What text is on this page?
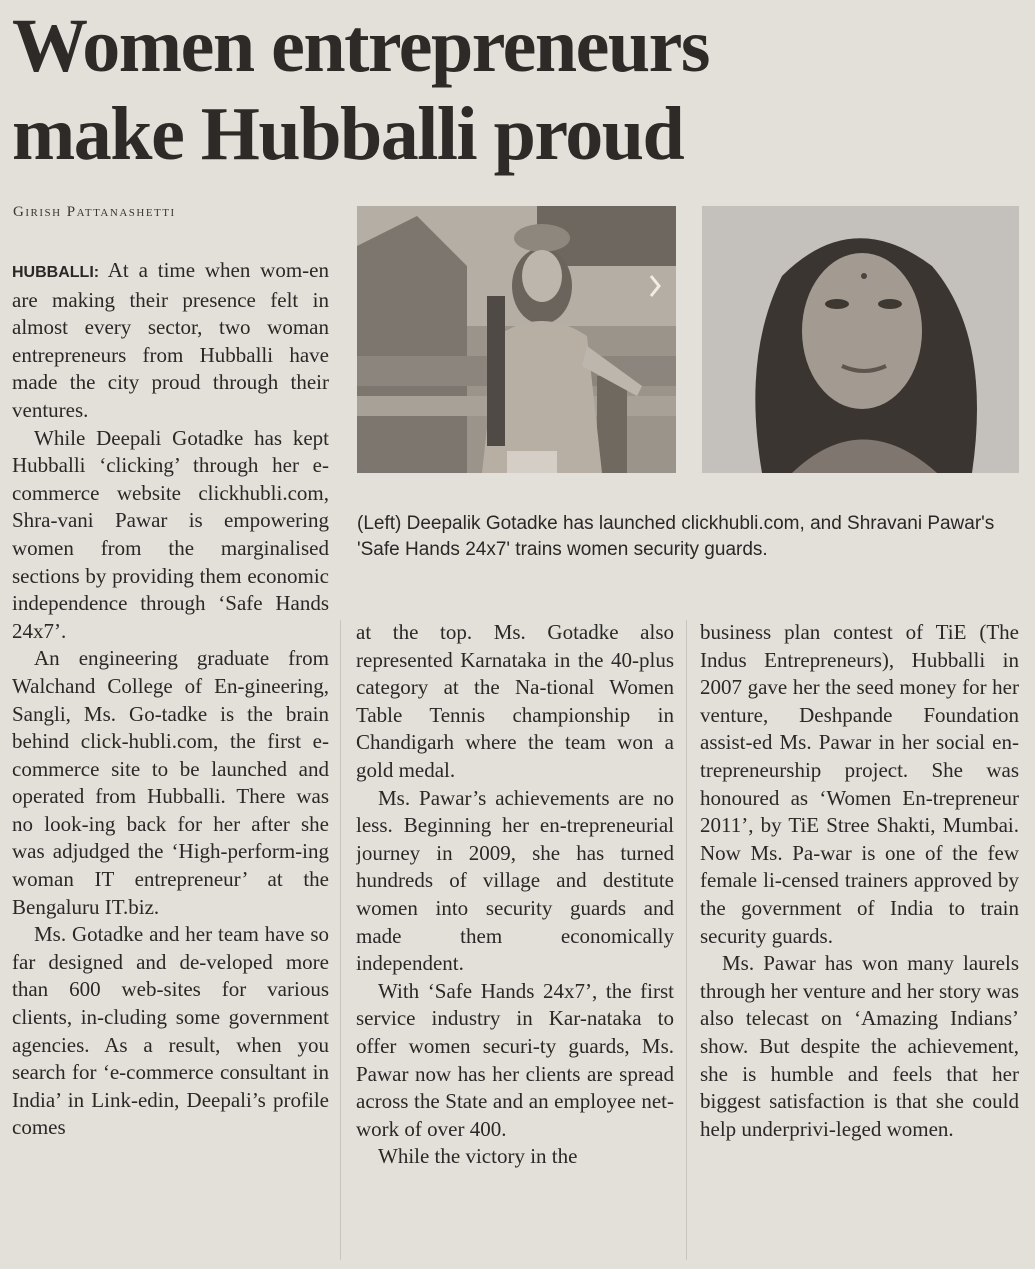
Women entrepreneurs
make Hubballi proud
Girish Pattanashetti

HUBBALLI: At a time when wom-en are making their presence felt in almost every sector, two woman entrepreneurs from Hubballi have made the city proud through their ventures.

While Deepali Gotadke has kept Hubballi ‘clicking’ through her e-commerce website clickhubli.com, Shra-vani Pawar is empowering women from the marginalised sections by providing them economic independence through ‘Safe Hands 24x7’.

An engineering graduate from Walchand College of En-gineering, Sangli, Ms. Go-tadke is the brain behind click-hubli.com, the first e-commerce site to be launched and operated from Hubballi. There was no look-ing back for her after she was adjudged the ‘High-perform-ing woman IT entrepreneur’ at the Bengaluru IT.biz.

Ms. Gotadke and her team have so far designed and de-veloped more than 600 web-sites for various clients, in-cluding some government agencies. As a result, when you search for ‘e-commerce consultant in India’ in Link-edin, Deepali’s profile comes

(Left) Deepalik Gotadke has launched clickhubli.com, and Shravani Pawar's 'Safe Hands 24x7' trains women security guards.

at the top. Ms. Gotadke also represented Karnataka in the 40-plus category at the Na-tional Women Table Tennis championship in Chandigarh where the team won a gold medal.

Ms. Pawar’s achievements are no less. Beginning her en-trepreneurial journey in 2009, she has turned hundreds of village and destitute women into security guards and made them economically independent.

With ‘Safe Hands 24x7’, the first service industry in Kar-nataka to offer women securi-ty guards, Ms. Pawar now has her clients are spread across the State and an employee net-work of over 400.

While the victory in the

business plan contest of TiE (The Indus Entrepreneurs), Hubballi in 2007 gave her the seed money for her venture, Deshpande Foundation assist-ed Ms. Pawar in her social en-trepreneurship project. She was honoured as ‘Women En-trepreneur 2011’, by TiE Stree Shakti, Mumbai. Now Ms. Pa-war is one of the few female li-censed trainers approved by the government of India to train security guards.

Ms. Pawar has won many laurels through her venture and her story was also telecast on ‘Amazing Indians’ show. But despite the achievement, she is humble and feels that her biggest satisfaction is that she could help underprivi-leged women.
